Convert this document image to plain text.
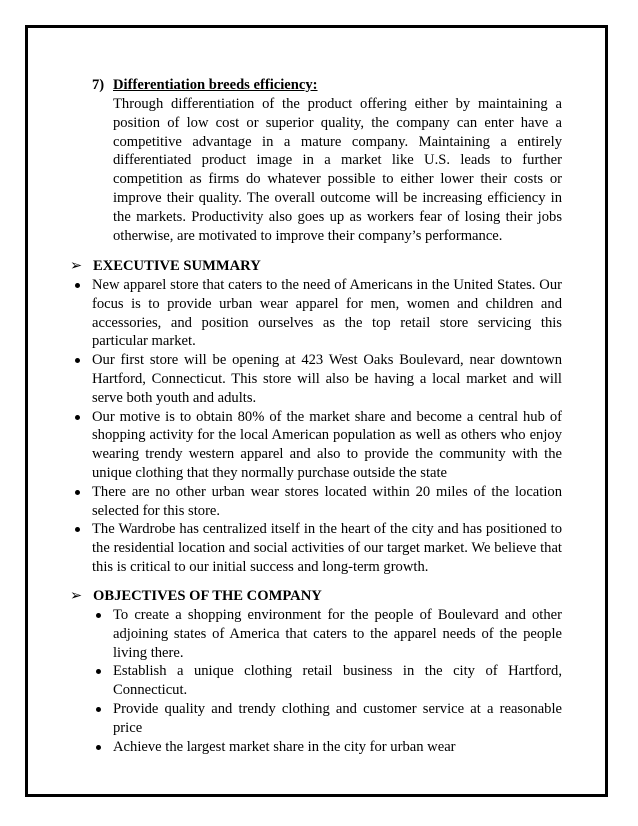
7) Differentiation breeds efficiency:
Through differentiation of the product offering either by maintaining a position of low cost or superior quality, the company can enter have a competitive advantage in a mature company. Maintaining a entirely differentiated product image in a market like U.S. leads to further competition as firms do whatever possible to either lower their costs or improve their quality. The overall outcome will be increasing efficiency in the markets. Productivity also goes up as workers fear of losing their jobs otherwise, are motivated to improve their company’s performance.
➢ EXECUTIVE SUMMARY
New apparel store that caters to the need of Americans in the United States. Our focus is to provide urban wear apparel for men, women and children and accessories, and position ourselves as the top retail store servicing this particular market.
Our first store will be opening at 423 West Oaks Boulevard, near downtown Hartford, Connecticut. This store will also be having a local market and will serve both youth and adults.
Our motive is to obtain 80% of the market share and become a central hub of shopping activity for the local American population as well as others who enjoy wearing trendy western apparel and also to provide the community with the unique clothing that they normally purchase outside the state
There are no other urban wear stores located within 20 miles of the location selected for this store.
The Wardrobe has centralized itself in the heart of the city and has positioned to the residential location and social activities of our target market. We believe that this is critical to our initial success and long-term growth.
➢ OBJECTIVES OF THE COMPANY
To create a shopping environment for the people of Boulevard and other adjoining states of America that caters to the apparel needs of the people living there.
Establish a unique clothing retail business in the city of Hartford, Connecticut.
Provide quality and trendy clothing and customer service at a reasonable price
Achieve the largest market share in the city for urban wear
